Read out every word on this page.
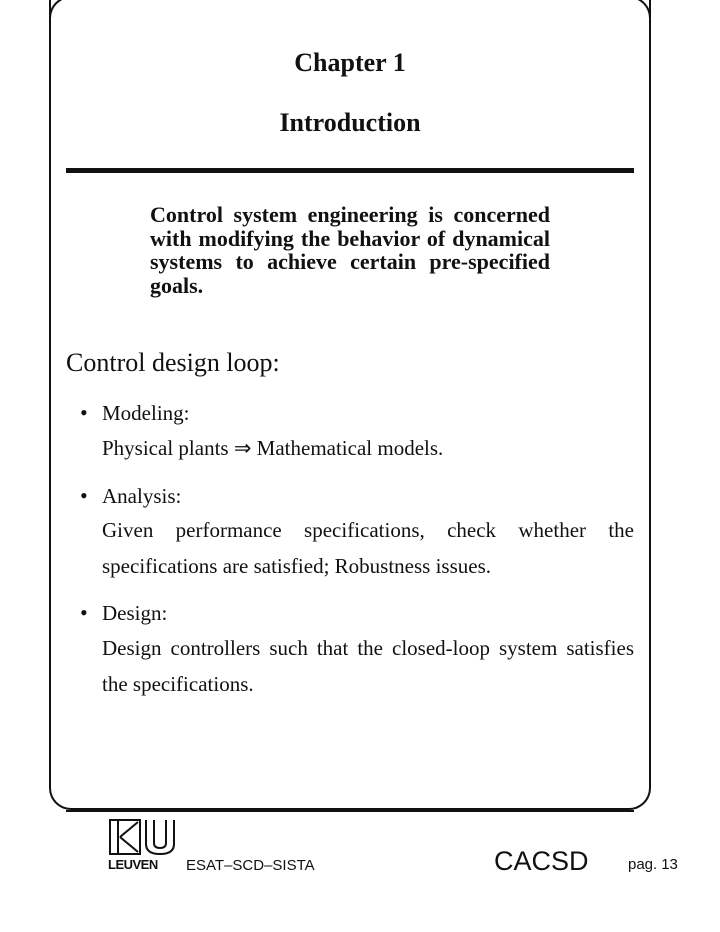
Chapter 1
Introduction
Control system engineering is concerned with modifying the behavior of dynamical systems to achieve certain pre-specified goals.
Control design loop:
• Modeling:
Physical plants ⇒ Mathematical models.
• Analysis:
Given performance specifications, check whether the specifications are satisfied; Robustness issues.
• Design:
Design controllers such that the closed-loop system satisfies the specifications.
LEUVEN ESAT–SCD–SISTA	CACSD	pag. 13
